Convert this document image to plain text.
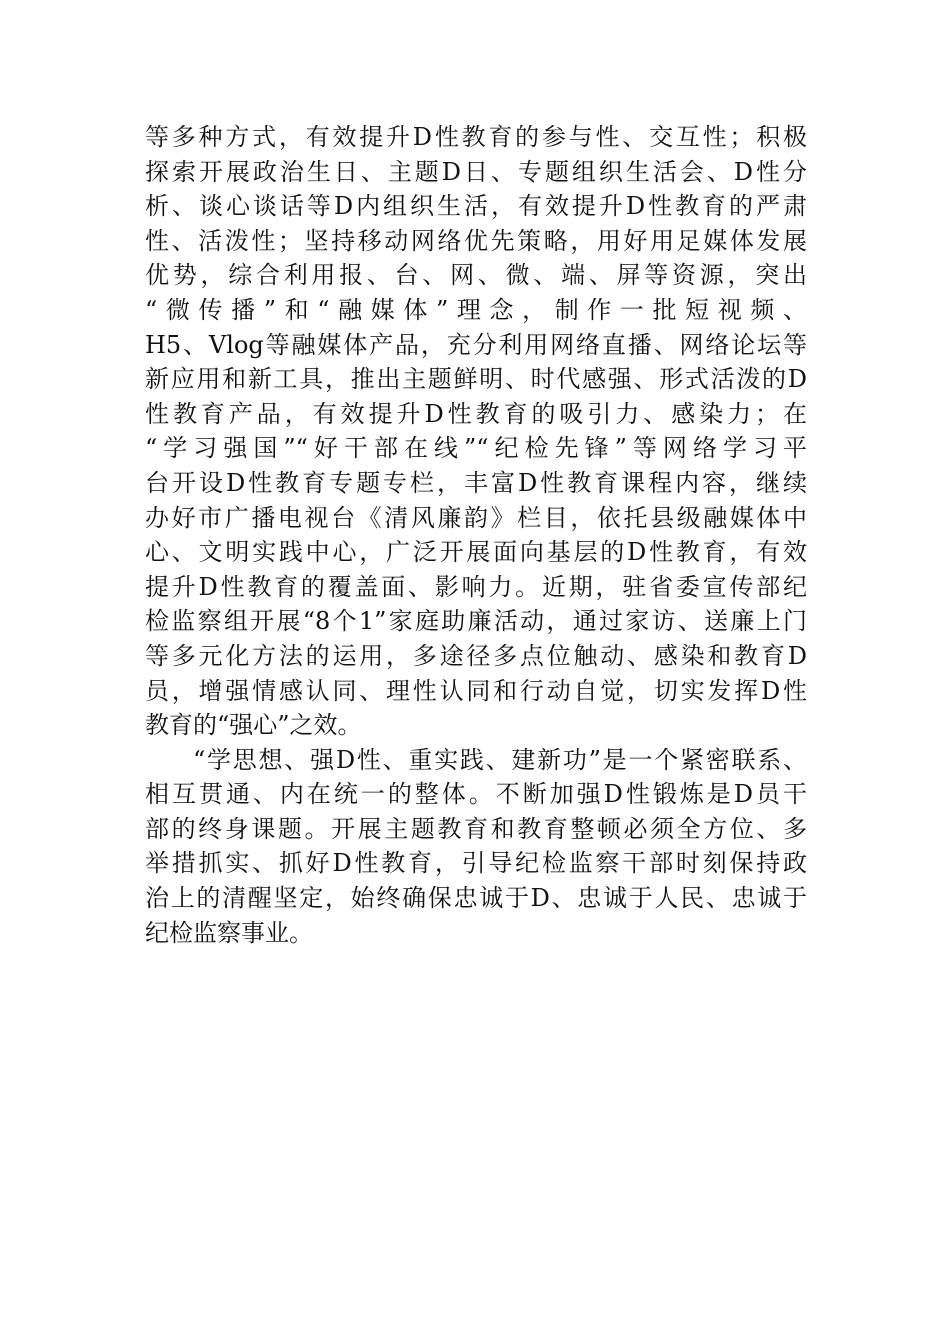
等多种方式，有效提升D性教育的参与性、交互性；积极
探索开展政治生日、主题D日、专题组织生活会、D性分
析、谈心谈话等D内组织生活，有效提升D性教育的严肃
性、活泼性；坚持移动网络优先策略，用好用足媒体发展
优势，综合利用报、台、网、微、端、屏等资源，突出
“微传播”和“融媒体”理念，制作一批短视频、
H5、Vlog等融媒体产品，充分利用网络直播、网络论坛等
新应用和新工具，推出主题鲜明、时代感强、形式活泼的D
性教育产品，有效提升D性教育的吸引力、感染力；在
“学习强国”“好干部在线”“纪检先锋”等网络学习平
台开设D性教育专题专栏，丰富D性教育课程内容，继续
办好市广播电视台《清风廉韵》栏目，依托县级融媒体中
心、文明实践中心，广泛开展面向基层的D性教育，有效
提升D性教育的覆盖面、影响力。近期，驻省委宣传部纪
检监察组开展“8个1”家庭助廉活动，通过家访、送廉上门
等多元化方法的运用，多途径多点位触动、感染和教育D
员，增强情感认同、理性认同和行动自觉，切实发挥D性
教育的“强心”之效。
“学思想、强D性、重实践、建新功”是一个紧密联系、
相互贯通、内在统一的整体。不断加强D性锻炼是D员干
部的终身课题。开展主题教育和教育整顿必须全方位、多
举措抓实、抓好D性教育，引导纪检监察干部时刻保持政
治上的清醒坚定，始终确保忠诚于D、忠诚于人民、忠诚于
纪检监察事业。
